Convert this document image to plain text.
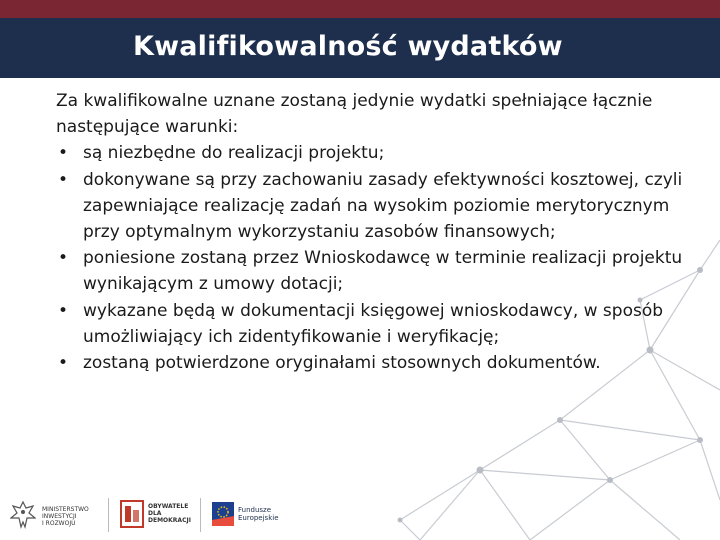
Kwalifikowalność wydatków

Za kwalifikowalne uznane zostaną jedynie wydatki spełniające łącznie następujące warunki:

• są niezbędne do realizacji projektu;
• dokonywane są przy zachowaniu zasady efektywności kosztowej, czyli zapewniające realizację zadań na wysokim poziomie merytorycznym przy optymalnym wykorzystaniu zasobów finansowych;
• poniesione zostaną przez Wnioskodawcę w terminie realizacji projektu wynikającym z umowy dotacji;
• wykazane będą w dokumentacji księgowej wnioskodawcy, w sposób umożliwiający ich zidentyfikowanie i weryfikację;
• zostaną potwierdzone oryginałami stosownych dokumentów.
MINISTERSTWO
INWESTYCJI
I ROZWOJU
OBYWATELE
DLA
DEMOKRACJI
Fundusze
Europejskie
